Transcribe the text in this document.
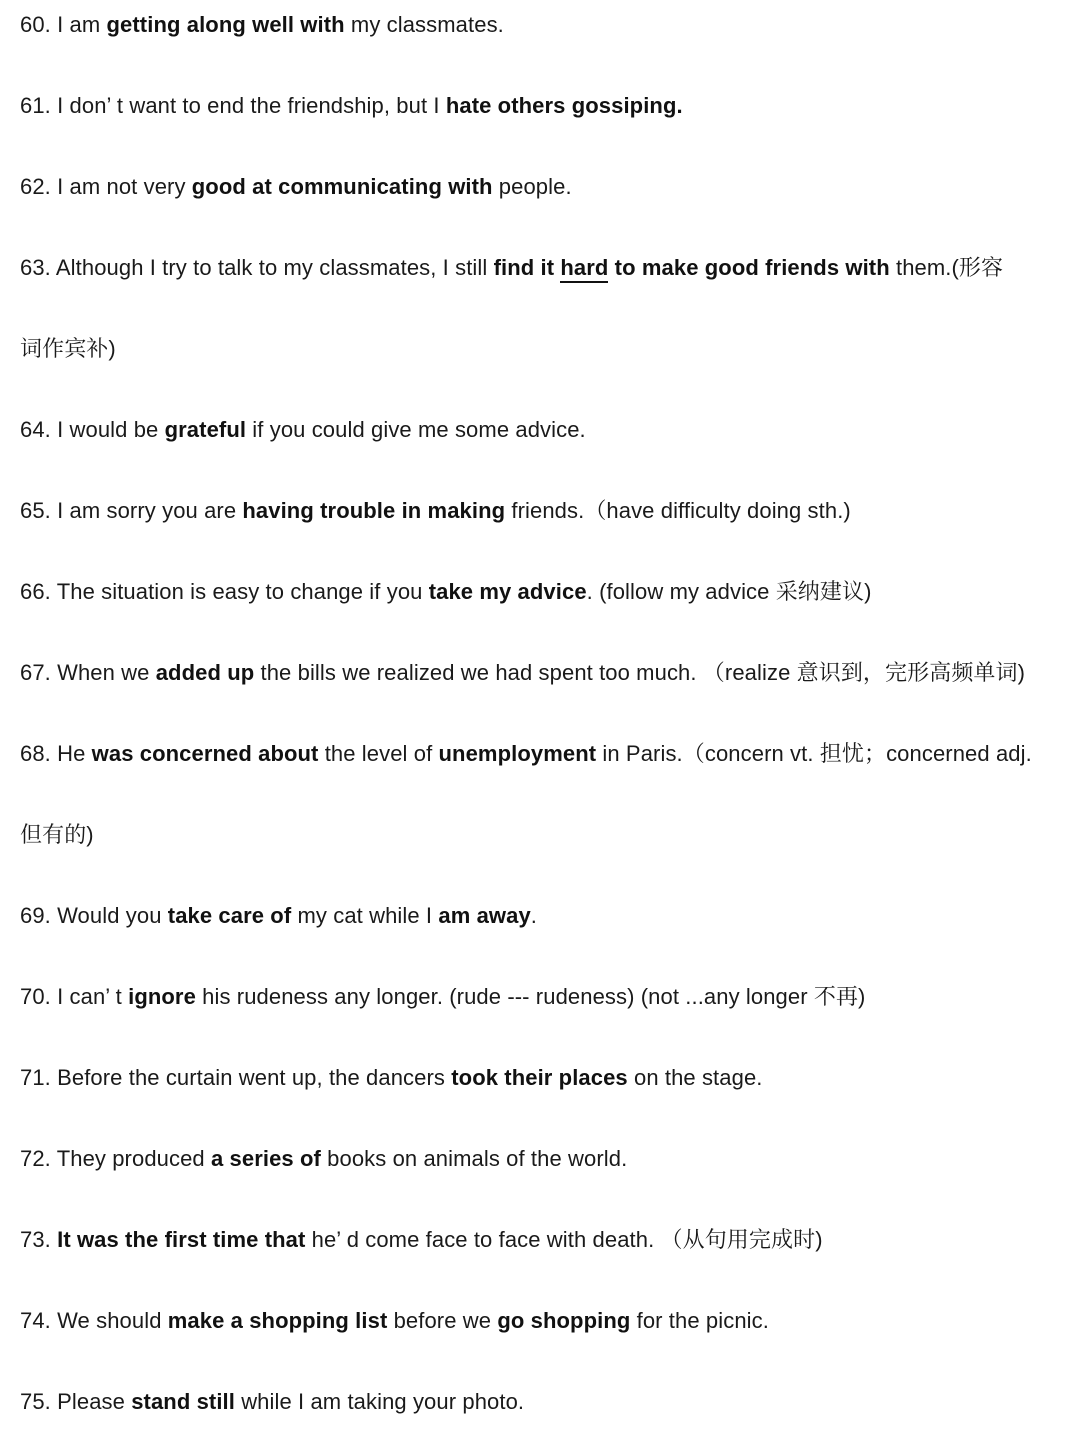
60. I am getting along well with my classmates.
61. I don’ t want to end the friendship, but I hate others gossiping.
62. I am not very good at communicating with people.
63. Although I try to talk to my classmates, I still find it hard to make good friends with them.(形容
词作宾补)
64. I would be grateful if you could give me some advice.
65. I am sorry you are having trouble in making friends.（have difficulty doing sth.)
66. The situation is easy to change if you take my advice. (follow my advice 采纳建议)
67. When we added up the bills we realized we had spent too much. （realize 意识到，完形高频单词)
68. He was concerned about the level of unemployment in Paris.（concern vt. 担忧；concerned adj.
但有的)
69. Would you take care of my cat while I am away.
70. I can’ t ignore his rudeness any longer. (rude --- rudeness) (not ...any longer 不再)
71. Before the curtain went up, the dancers took their places on the stage.
72. They produced a series of books on animals of the world.
73. It was the first time that he’ d come face to face with death. （从句用完成时)
74. We should make a shopping list before we go shopping for the picnic.
75. Please stand still while I am taking your photo.
